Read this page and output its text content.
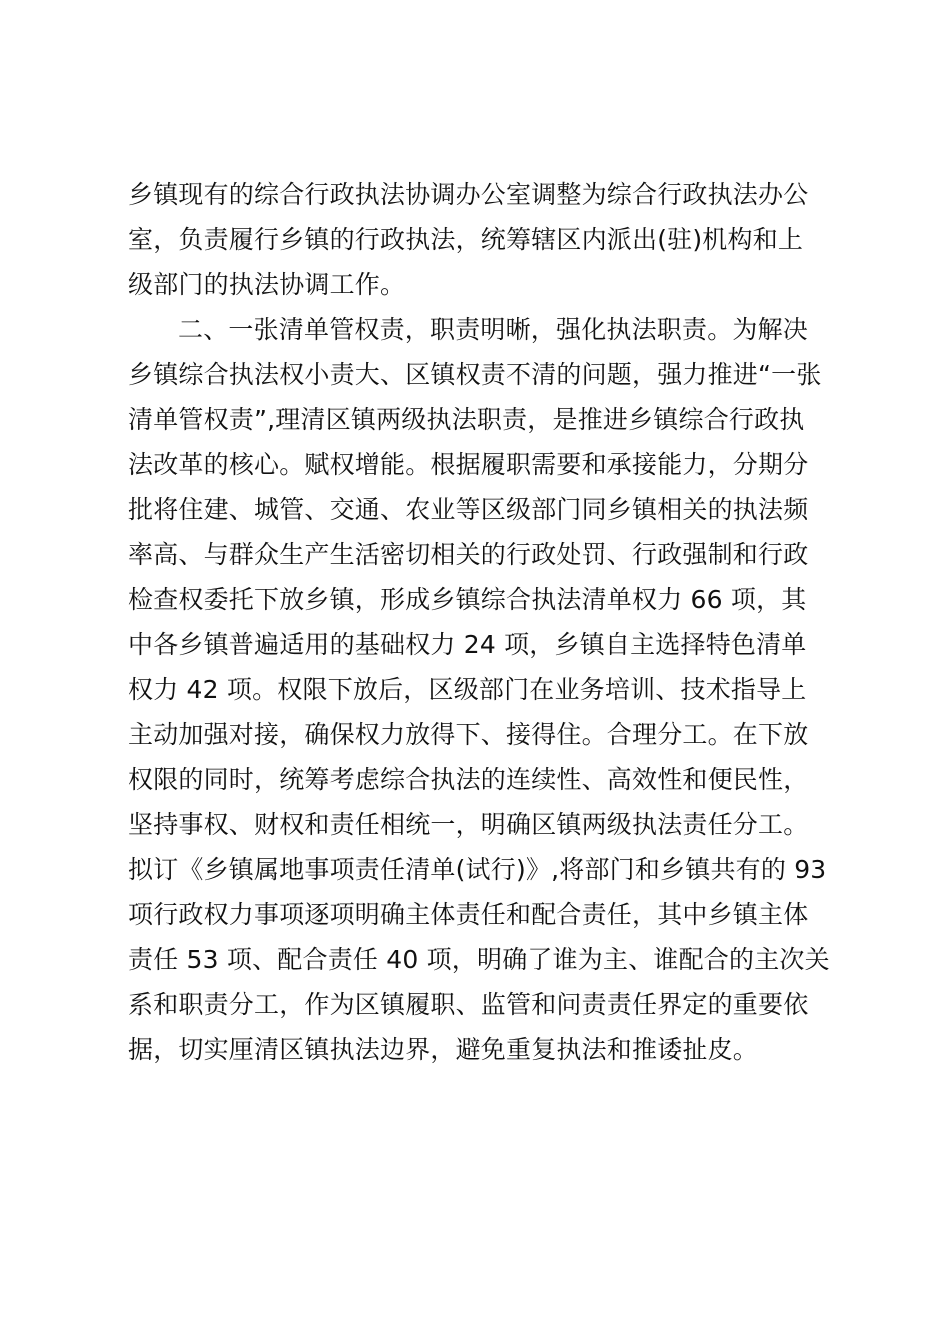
乡镇现有的综合行政执法协调办公室调整为综合行政执法办公
室，负责履行乡镇的行政执法，统筹辖区内派出(驻)机构和上
级部门的执法协调工作。
二、一张清单管权责，职责明晰，强化执法职责。为解决
乡镇综合执法权小责大、区镇权责不清的问题，强力推进“一张
清单管权责”,理清区镇两级执法职责，是推进乡镇综合行政执
法改革的核心。赋权增能。根据履职需要和承接能力，分期分
批将住建、城管、交通、农业等区级部门同乡镇相关的执法频
率高、与群众生产生活密切相关的行政处罚、行政强制和行政
检查权委托下放乡镇，形成乡镇综合执法清单权力 66 项，其
中各乡镇普遍适用的基础权力 24 项，乡镇自主选择特色清单
权力 42 项。权限下放后，区级部门在业务培训、技术指导上
主动加强对接，确保权力放得下、接得住。合理分工。在下放
权限的同时，统筹考虑综合执法的连续性、高效性和便民性，
坚持事权、财权和责任相统一，明确区镇两级执法责任分工。
拟订《乡镇属地事项责任清单(试行)》,将部门和乡镇共有的 93
项行政权力事项逐项明确主体责任和配合责任，其中乡镇主体
责任 53 项、配合责任 40 项，明确了谁为主、谁配合的主次关
系和职责分工，作为区镇履职、监管和问责责任界定的重要依
据，切实厘清区镇执法边界，避免重复执法和推诿扯皮。
